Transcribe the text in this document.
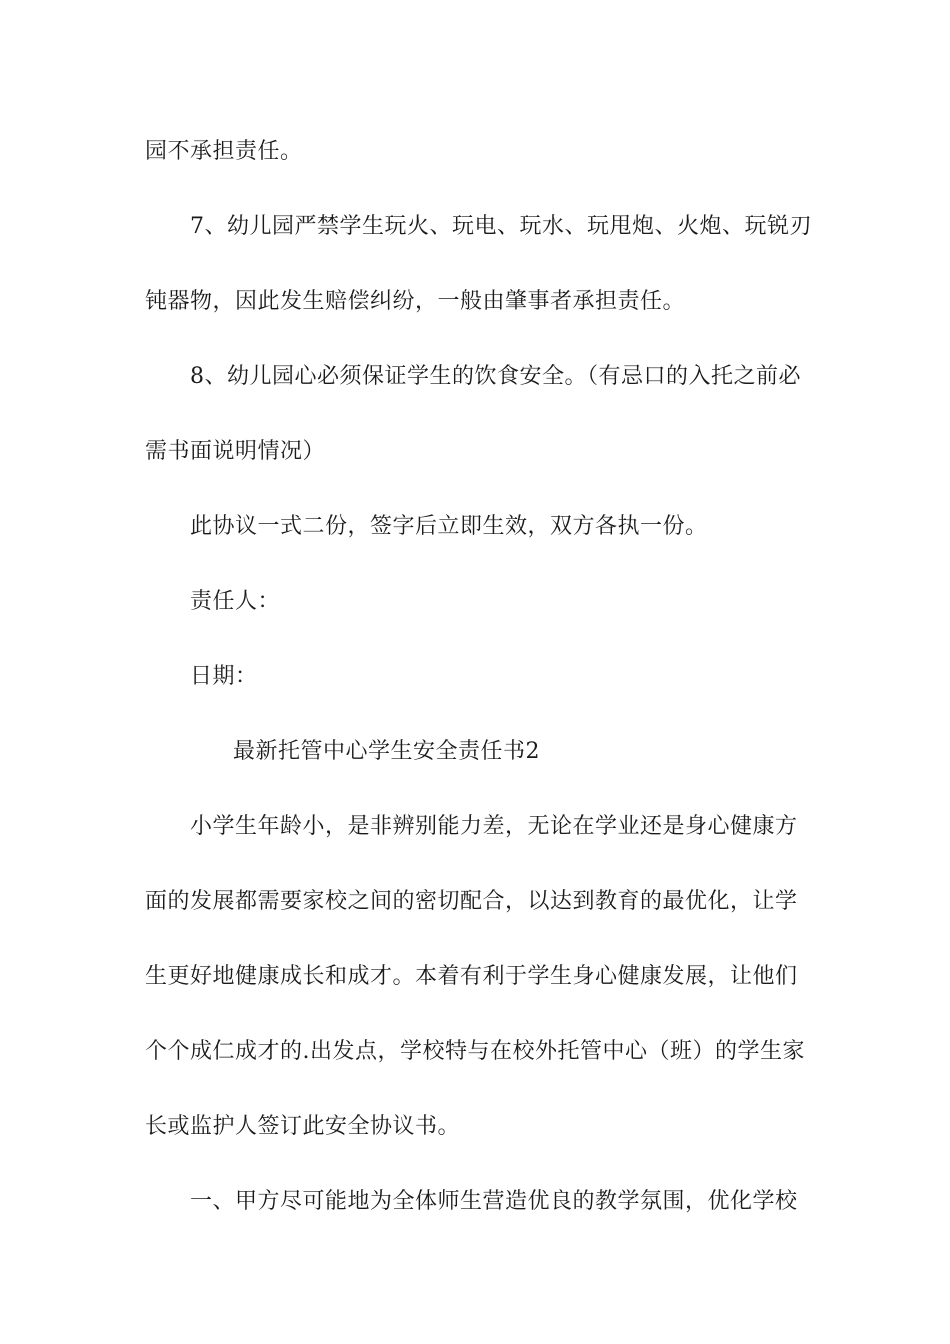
园不承担责任。
7、幼儿园严禁学生玩火、玩电、玩水、玩甩炮、火炮、玩锐刃
钝器物，因此发生赔偿纠纷，一般由肇事者承担责任。
8、幼儿园心必须保证学生的饮食安全。（有忌口的入托之前必
需书面说明情况）
此协议一式二份，签字后立即生效，双方各执一份。
责任人：
日期：
最新托管中心学生安全责任书2
小学生年龄小，是非辨别能力差，无论在学业还是身心健康方
面的发展都需要家校之间的密切配合，以达到教育的最优化，让学
生更好地健康成长和成才。本着有利于学生身心健康发展，让他们
个个成仁成才的.出发点，学校特与在校外托管中心（班）的学生家
长或监护人签订此安全协议书。
一、甲方尽可能地为全体师生营造优良的教学氛围，优化学校
